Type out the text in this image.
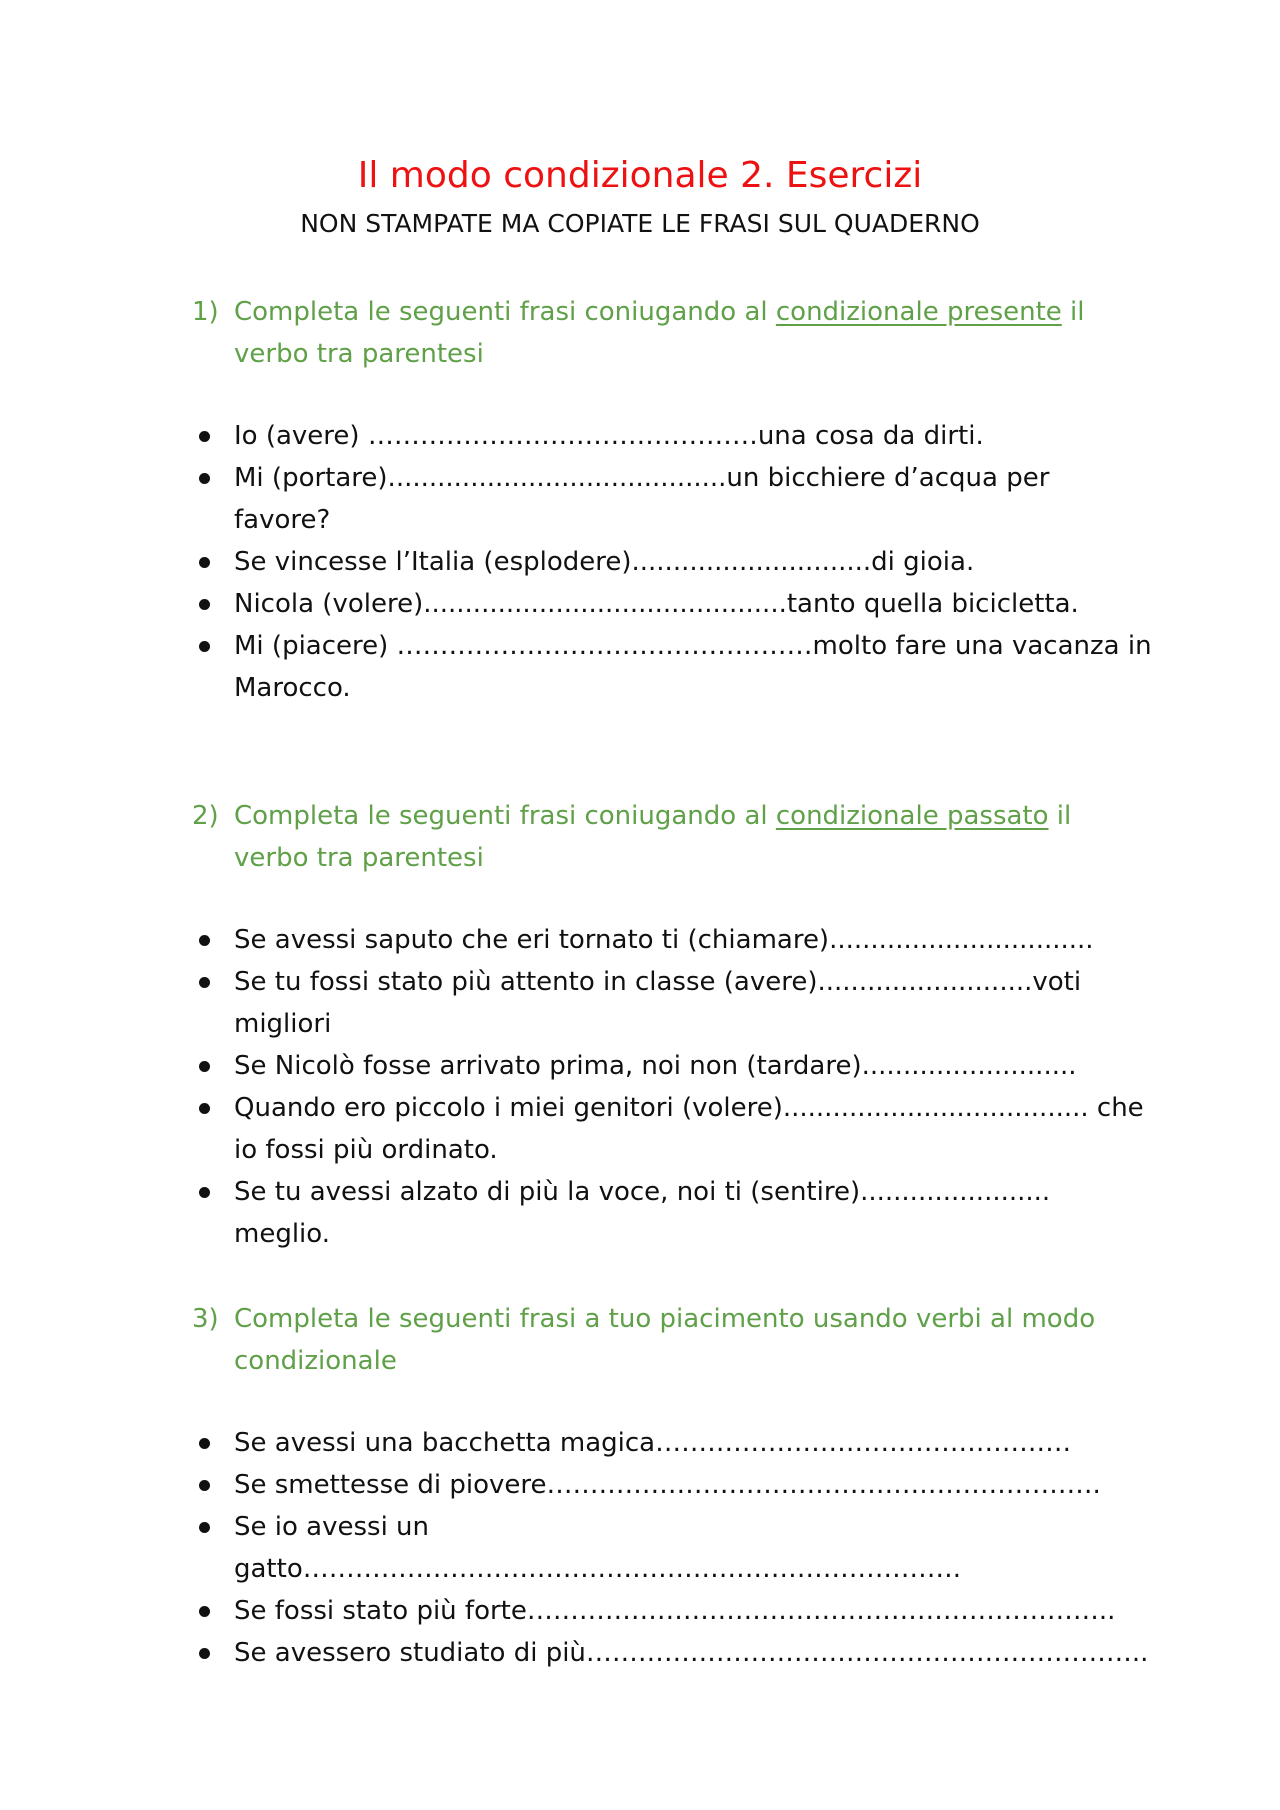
Il modo condizionale 2. Esercizi
NON STAMPATE MA COPIATE LE FRASI SUL QUADERNO
1) Completa le seguenti frasi coniugando al condizionale presente il verbo tra parentesi
Io (avere) ………………………………………una cosa da dirti.
Mi (portare).........................................un bicchiere d’acqua per favore?
Se vincesse l’Italia (esplodere).............................di gioia.
Nicola (volere)............................................tanto quella bicicletta.
Mi (piacere) …………………………………………molto fare una vacanza in Marocco.
2) Completa le seguenti frasi coniugando al condizionale passato il verbo tra parentesi
Se avessi saputo che eri tornato ti (chiamare)................................
Se tu fossi stato più attento in classe (avere)..........................voti migliori
Se Nicolò fosse arrivato prima, noi non (tardare)..........................
Quando ero piccolo i miei genitori (volere)..................................... che io fossi più ordinato.
Se tu avessi alzato di più la voce, noi ti (sentire)....................... meglio.
3) Completa le seguenti frasi a tuo piacimento usando verbi al modo condizionale
Se avessi una bacchetta magica…………………………………………
Se smettesse di piovere……………………………………………………….
Se io avessi un gatto………………………………………………………………….
Se fossi stato più forte…………………………………………………………..
Se avessero studiato di più………………………………………………………..
